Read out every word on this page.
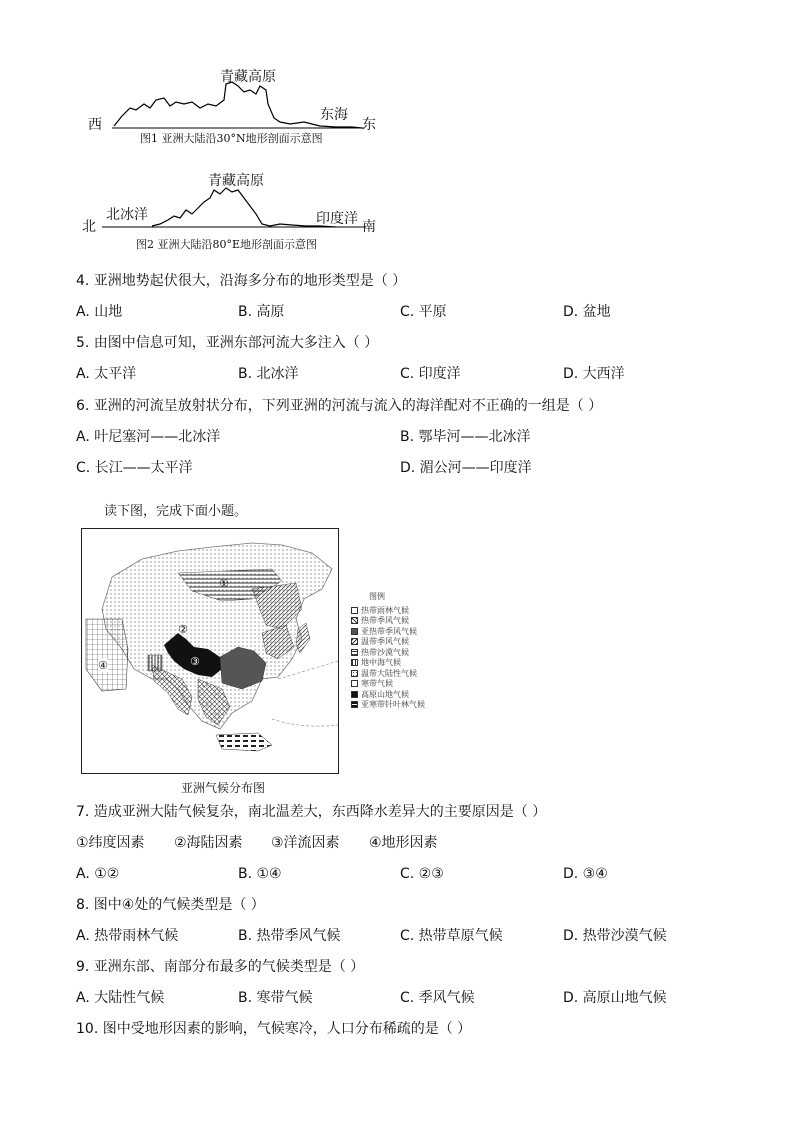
青藏高原
西
东海
东
图1 亚洲大陆沿30°N地形剖面示意图
青藏高原
北
北冰洋	印度洋 南
图2 亚洲大陆沿80°E地形剖面示意图
4. 亚洲地势起伏很大，沿海多分布的地形类型是（ ）
A. 山地	B. 高原	C. 平原	D. 盆地
5. 由图中信息可知，亚洲东部河流大多注入（ ）
A. 太平洋	B. 北冰洋	C. 印度洋	D. 大西洋
6. 亚洲的河流呈放射状分布，下列亚洲的河流与流入的海洋配对不正确的一组是（ ）
A. 叶尼塞河——北冰洋	B. 鄂毕河——北冰洋
C. 长江——太平洋	D. 湄公河——印度洋
读下图，完成下面小题。
①
②
③
④
图例
热带雨林气候
热带季风气候
亚热带季风气候
温带季风气候
热带沙漠气候
地中海气候
温带大陆性气候
寒带气候
高原山地气候
亚寒带针叶林气候
亚洲气候分布图
7. 造成亚洲大陆气候复杂，南北温差大，东西降水差异大的主要原因是（ ）
①纬度因素 ②海陆因素 ③洋流因素 ④地形因素
A. ①②	B. ①④	C. ②③	D. ③④
8. 图中④处的气候类型是（ ）
A. 热带雨林气候	B. 热带季风气候	C. 热带草原气候	D. 热带沙漠气候
9. 亚洲东部、南部分布最多的气候类型是（ ）
A. 大陆性气候	B. 寒带气候	C. 季风气候	D. 高原山地气候
10. 图中受地形因素的影响，气候寒冷，人口分布稀疏的是（ ）
